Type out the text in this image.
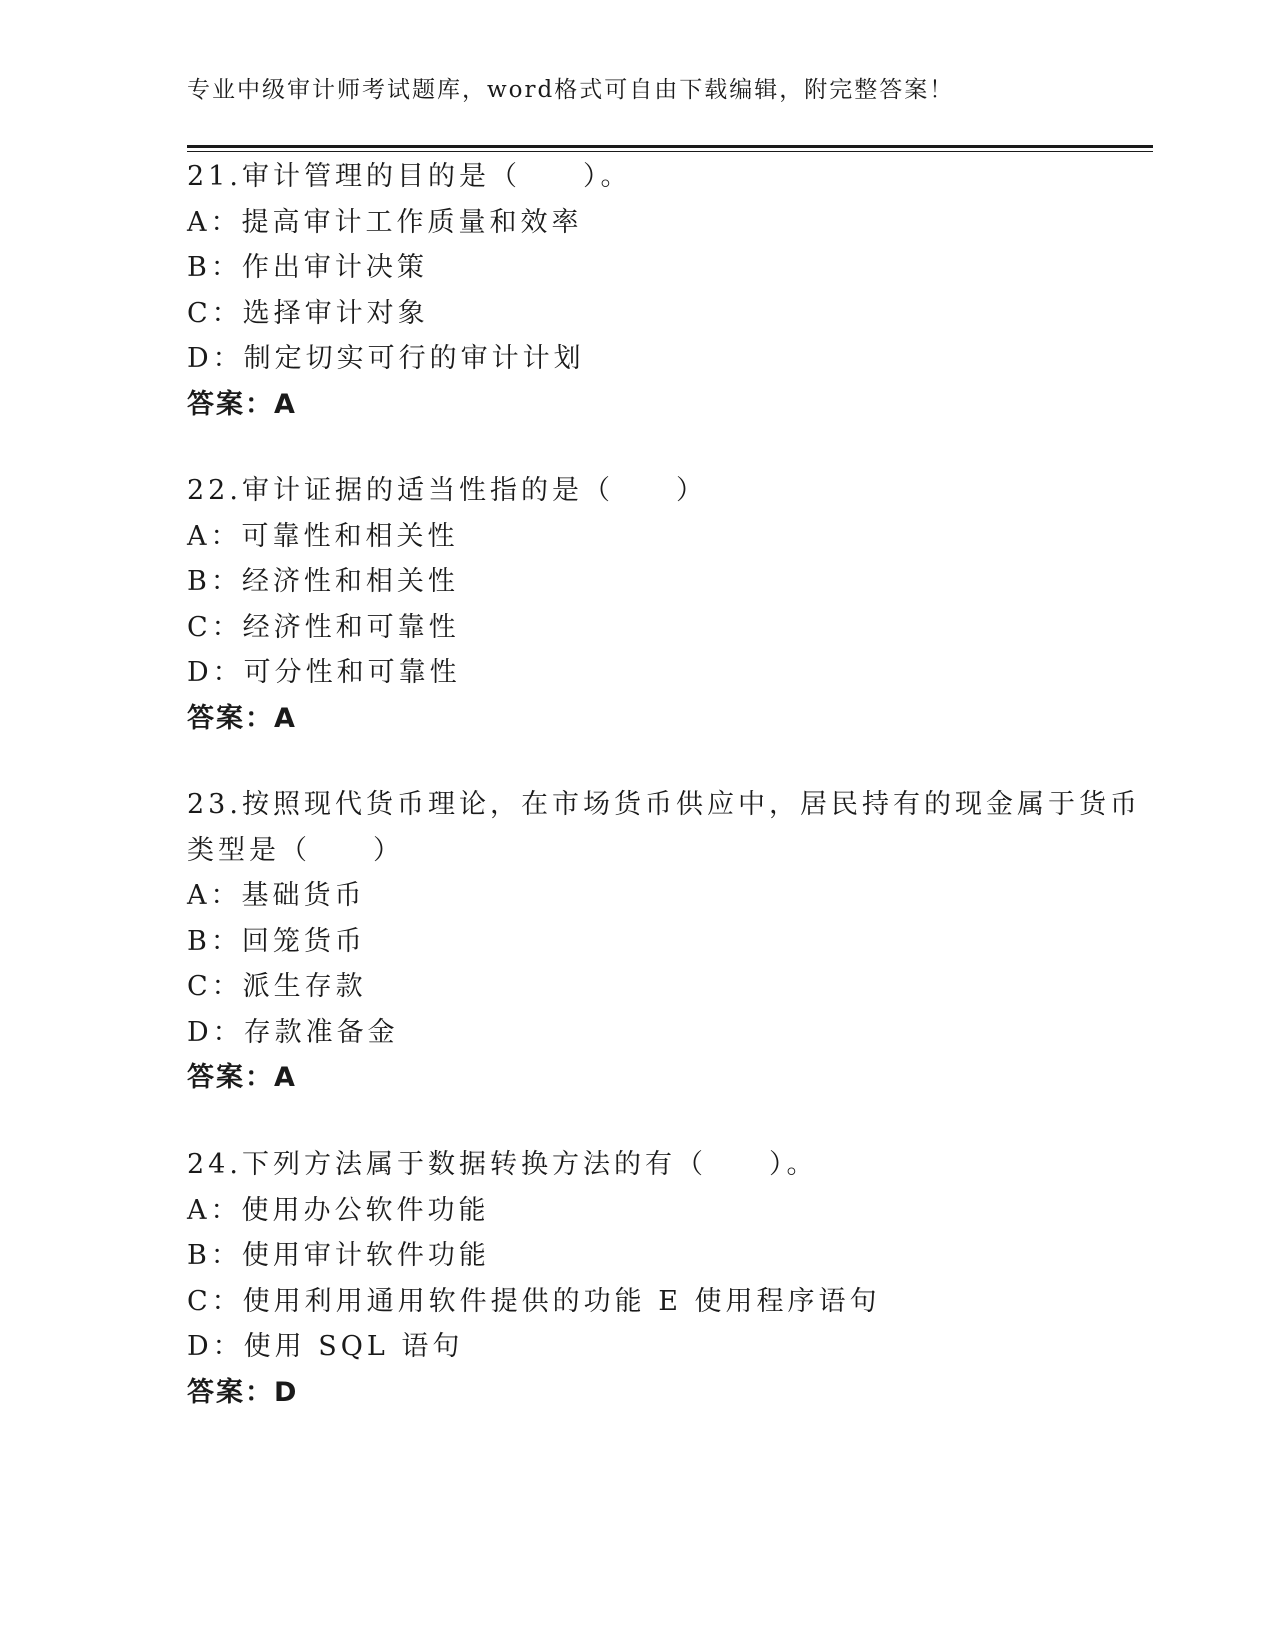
专业中级审计师考试题库，word格式可自由下载编辑，附完整答案！
21.审计管理的目的是（　　）。
A：提高审计工作质量和效率
B：作出审计决策
C：选择审计对象
D：制定切实可行的审计计划
答案：A
22.审计证据的适当性指的是（　　）
A：可靠性和相关性
B：经济性和相关性
C：经济性和可靠性
D：可分性和可靠性
答案：A
23.按照现代货币理论，在市场货币供应中，居民持有的现金属于货币
类型是（　　）
A：基础货币
B：回笼货币
C：派生存款
D：存款准备金
答案：A
24.下列方法属于数据转换方法的有（　　）。
A：使用办公软件功能
B：使用审计软件功能
C：使用利用通用软件提供的功能 E 使用程序语句
D：使用 SQL 语句
答案：D
